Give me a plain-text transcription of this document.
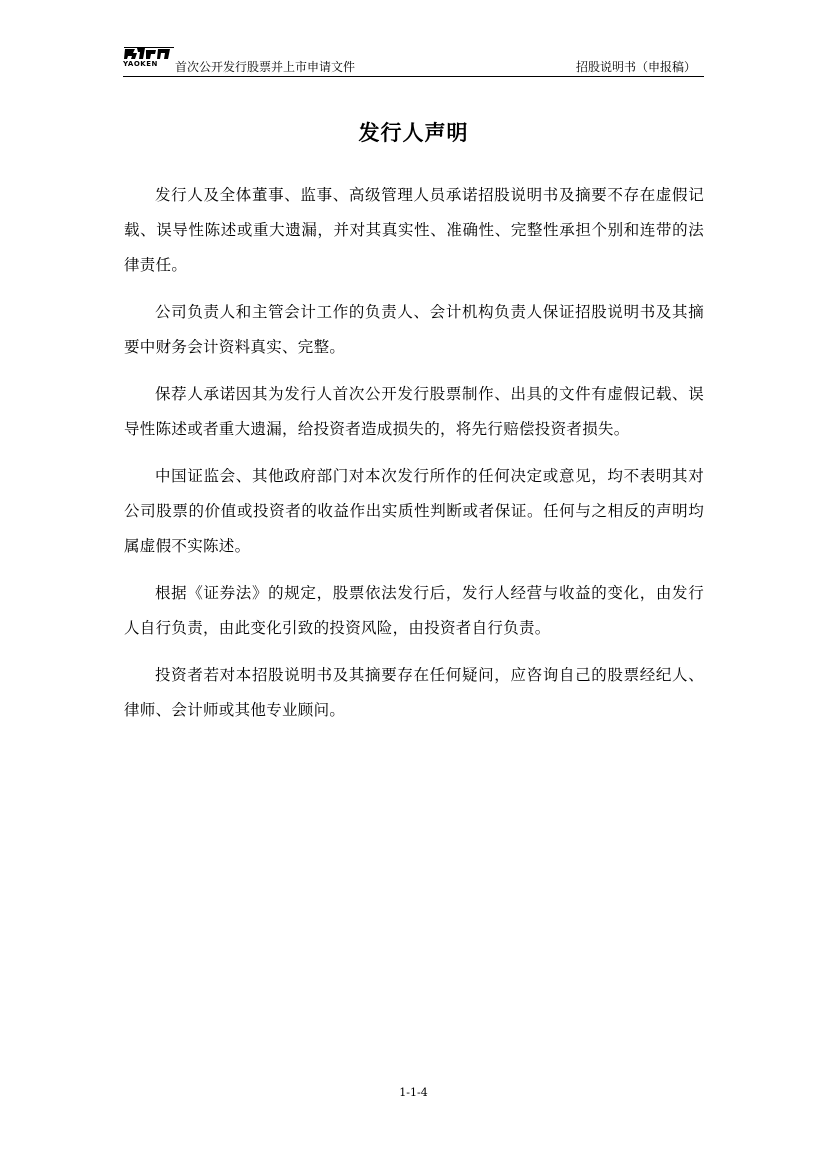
YAOKEN 首次公开发行股票并上市申请文件	招股说明书（申报稿）
发行人声明

发行人及全体董事、监事、高级管理人员承诺招股说明书及摘要不存在虚假记载、误导性陈述或重大遗漏，并对其真实性、准确性、完整性承担个别和连带的法律责任。

公司负责人和主管会计工作的负责人、会计机构负责人保证招股说明书及其摘要中财务会计资料真实、完整。

保荐人承诺因其为发行人首次公开发行股票制作、出具的文件有虚假记载、误导性陈述或者重大遗漏，给投资者造成损失的，将先行赔偿投资者损失。

中国证监会、其他政府部门对本次发行所作的任何决定或意见，均不表明其对公司股票的价值或投资者的收益作出实质性判断或者保证。任何与之相反的声明均属虚假不实陈述。

根据《证券法》的规定，股票依法发行后，发行人经营与收益的变化，由发行人自行负责，由此变化引致的投资风险，由投资者自行负责。

投资者若对本招股说明书及其摘要存在任何疑问，应咨询自己的股票经纪人、律师、会计师或其他专业顾问。

1-1-4
